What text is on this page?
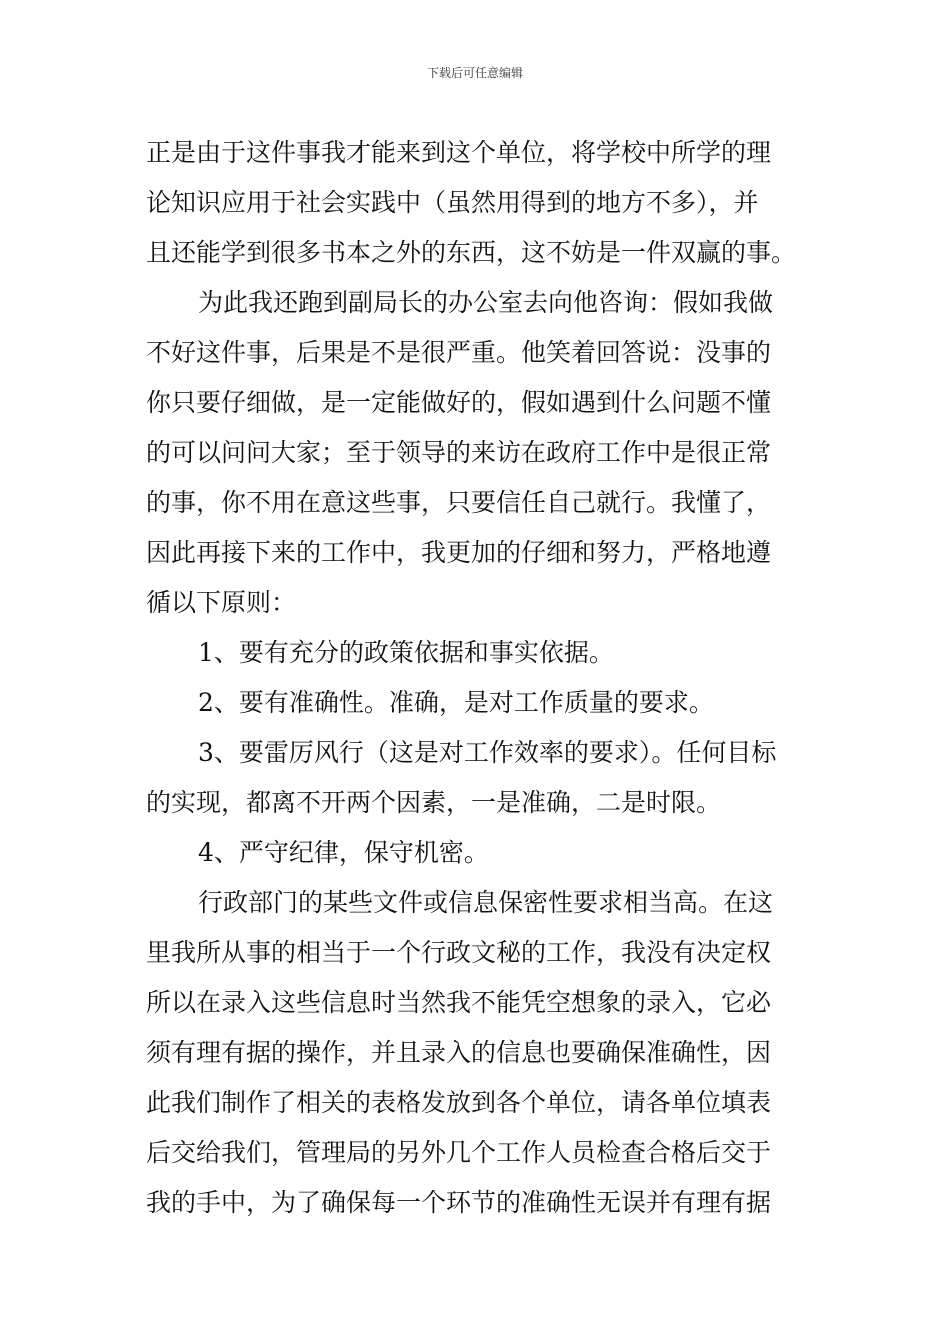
下载后可任意编辑
正是由于这件事我才能来到这个单位，将学校中所学的理
论知识应用于社会实践中（虽然用得到的地方不多），并
且还能学到很多书本之外的东西，这不妨是一件双赢的事。
为此我还跑到副局长的办公室去向他咨询：假如我做
不好这件事，后果是不是很严重。他笑着回答说：没事的
你只要仔细做，是一定能做好的，假如遇到什么问题不懂
的可以问问大家；至于领导的来访在政府工作中是很正常
的事，你不用在意这些事，只要信任自己就行。我懂了，
因此再接下来的工作中，我更加的仔细和努力，严格地遵
循以下原则：
1、要有充分的政策依据和事实依据。
2、要有准确性。准确，是对工作质量的要求。
3、要雷厉风行（这是对工作效率的要求）。任何目标
的实现，都离不开两个因素，一是准确，二是时限。
4、严守纪律，保守机密。
行政部门的某些文件或信息保密性要求相当高。在这
里我所从事的相当于一个行政文秘的工作，我没有决定权
所以在录入这些信息时当然我不能凭空想象的录入，它必
须有理有据的操作，并且录入的信息也要确保准确性，因
此我们制作了相关的表格发放到各个单位，请各单位填表
后交给我们，管理局的另外几个工作人员检查合格后交于
我的手中，为了确保每一个环节的准确性无误并有理有据
